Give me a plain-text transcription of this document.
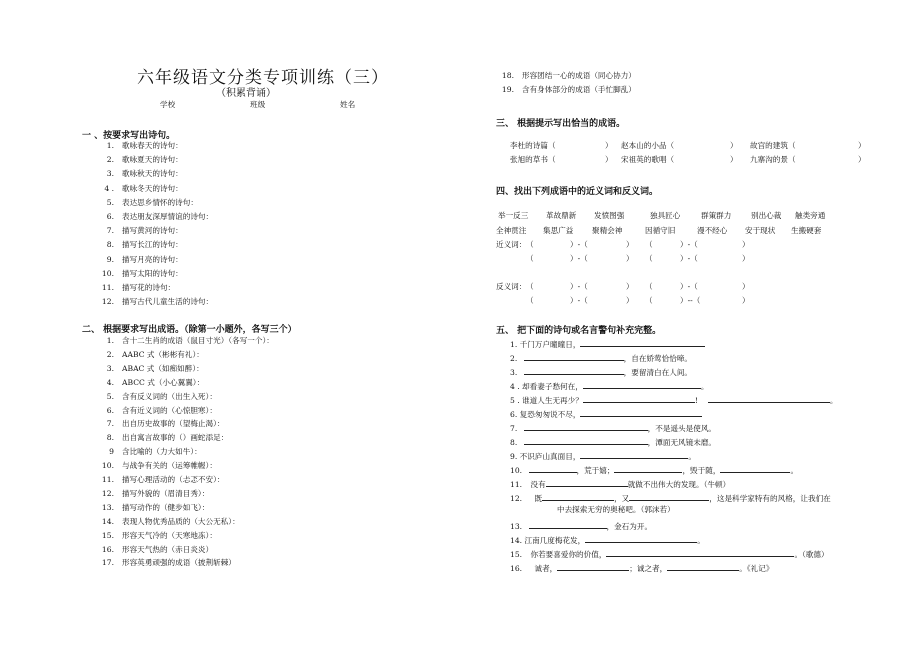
六年级语文分类专项训练（三）
（积累背诵）
学校	班级	姓名
一 、按要求写出诗句。
1. 歌咏春天的诗句：
2. 歌咏夏天的诗句：
3. 歌咏秋天的诗句：
4 . 歌咏冬天的诗句：
5. 表达思乡情怀的诗句：
6. 表达朋友深厚情谊的诗句：
7. 描写黄河的诗句：
8. 描写长江的诗句：
9. 描写月亮的诗句：
10. 描写太阳的诗句：
11. 描写花的诗句：
12. 描写古代儿童生活的诗句：
二、 根据要求写出成语。（除第一小题外，各写三个）
1. 含十二生肖的成语（鼠目寸光）（各写一个）：
2. AABC 式（彬彬有礼）：
3. ABAC 式（如痴如醉）：
4. ABCC 式（小心翼翼）：
5. 含有反义词的（出生入死）：
6. 含有近义词的（心惊胆寒）：
7. 出自历史故事的（望梅止渴）：
8. 出自寓言故事的（）画蛇添足：
9 含比喻的（力大如牛）：
10. 与战争有关的（运筹帷幄）：
11. 描写心理活动的（忐忑不安）：
12. 描写外貌的（眉清目秀）：
13. 描写动作的（健步如飞）：
14. 表现人物优秀品质的（大公无私）：
15. 形容天气冷的（天寒地冻）：
16. 形容天气热的（赤日炎炎）
17. 形容英勇顽强的成语（披荆斩棘）
18. 形容团结一心的成语（同心协力）
19. 含有身体部分的成语（手忙脚乱）
三、 根据提示写出恰当的成语。
李杜的诗篇（	） 赵本山的小品（	） 故宫的建筑（	）
张旭的草书（	） 宋祖英的歌唱（	） 九寨沟的景（	）
四、找出下列成语中的近义词和反义词。
举一反三 革故鼎新 发愤图强	独具匠心	群策群力	别出心裁 触类旁通
全神贯注 集思广益 聚精会神	因循守旧	漫不经心 安于现状 生搬硬套
近义词： （	）-（	） （	）-（	）
（	）-（	） （	）-（	）
反义词： （	）-（	） （	）-（	）
（	）-（	） （	）--（	）
五、 把下面的诗句或名言警句补充完整。
1. 千门万户曈曈日，
2.	，自在娇莺恰恰啼。
3.	，要留清白在人间。
4 . 却看妻子愁何在，	。
5 . 谁道人生无再少？	!	。
6. 复恐匆匆说不尽，
7.	，不是遥头是使风。
8.	，潭面无风镜未磨。
9. 不识庐山真面目，	。
10.	，荒于嬉；	，毁于随，	。
11. 没有	就做不出伟大的发现。（牛顿）
12. 既	，又	，这是科学家特有的风格，让我们在
中去探索无穷的奥秘吧。（郭沫若）
13.	，金石为开。
14. 江南几度梅花发，	。
15. 你若要喜爱你的价值，	。（歌德）
16. 诚者，	；诚之者，	。《礼记》
